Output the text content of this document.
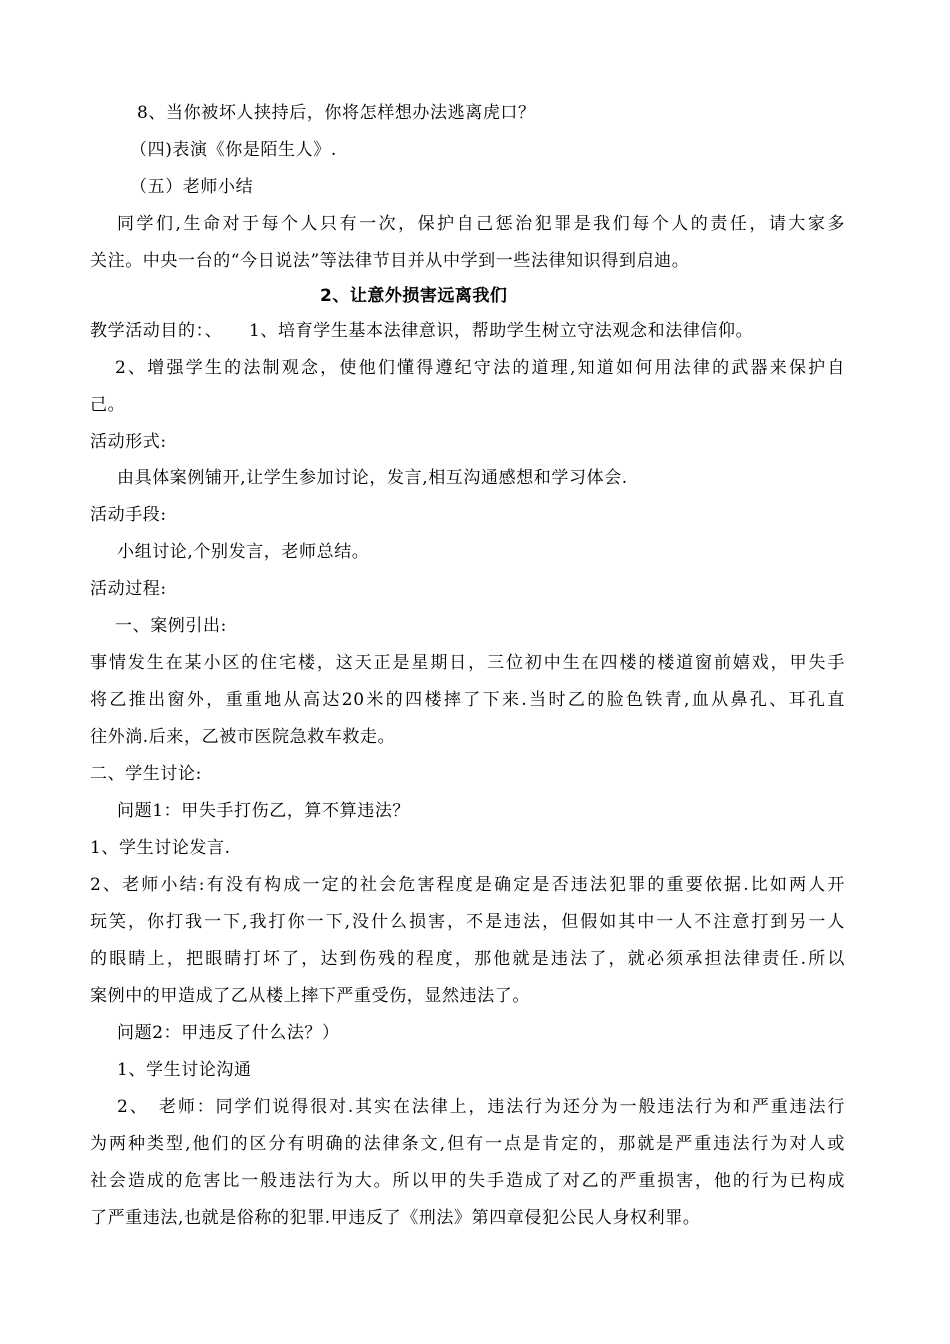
8、当你被坏人挟持后，你将怎样想办法逃离虎口？
（四)表演《你是陌生人》.
（五）老师小结
同学们,生命对于每个人只有一次，保护自己惩治犯罪是我们每个人的责任，请大家多
关注。中央一台的“今日说法”等法律节目并从中学到一些法律知识得到启迪。
2、让意外损害远离我们
教学活动目的：、　　1、培育学生基本法律意识，帮助学生树立守法观念和法律信仰。
2、增强学生的法制观念，使他们懂得遵纪守法的道理,知道如何用法律的武器来保护自
己。
活动形式:
由具体案例铺开,让学生参加讨论，发言,相互沟通感想和学习体会.
活动手段:
小组讨论,个别发言，老师总结。
活动过程:
一、案例引出:
事情发生在某小区的住宅楼，这天正是星期日，三位初中生在四楼的楼道窗前嬉戏，甲失手
将乙推出窗外，重重地从高达20米的四楼摔了下来.当时乙的脸色铁青,血从鼻孔、耳孔直
往外淌.后来，乙被市医院急救车救走。
二、学生讨论:
问题1：甲失手打伤乙，算不算违法？
1、学生讨论发言.
2、老师小结:有没有构成一定的社会危害程度是确定是否违法犯罪的重要依据.比如两人开
玩笑，你打我一下,我打你一下,没什么损害，不是违法，但假如其中一人不注意打到另一人
的眼睛上，把眼睛打坏了，达到伤残的程度，那他就是违法了，就必须承担法律责任.所以
案例中的甲造成了乙从楼上摔下严重受伤，显然违法了。
问题2：甲违反了什么法？）
1、学生讨论沟通
2、　老师：同学们说得很对.其实在法律上，违法行为还分为一般违法行为和严重违法行
为两种类型,他们的区分有明确的法律条文,但有一点是肯定的，那就是严重违法行为对人或
社会造成的危害比一般违法行为大。所以甲的失手造成了对乙的严重损害，他的行为已构成
了严重违法,也就是俗称的犯罪.甲违反了《刑法》第四章侵犯公民人身权利罪。
